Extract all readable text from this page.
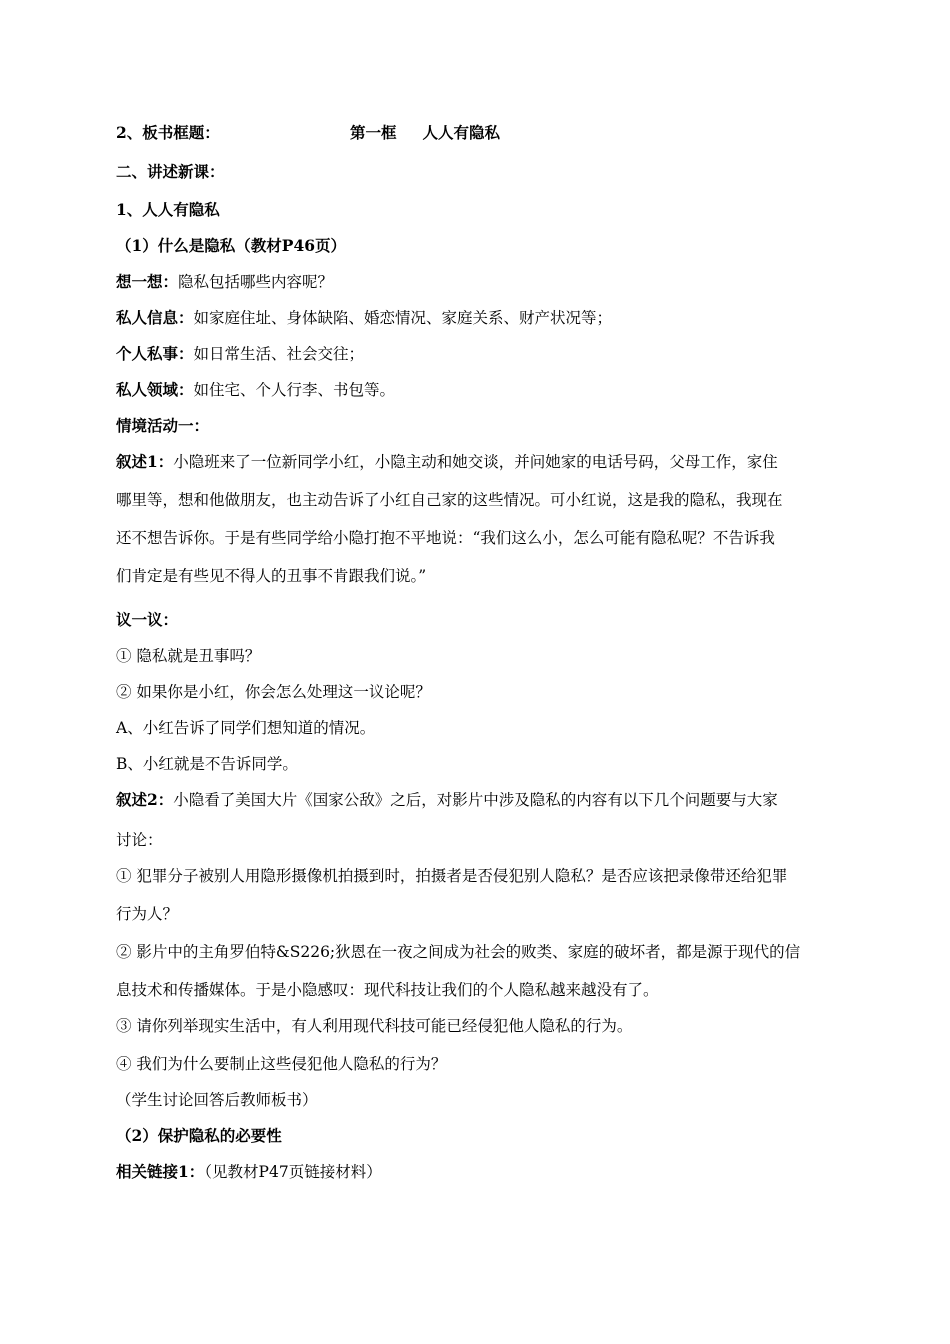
2、板书框题：	第一框 人人有隐私
二、讲述新课：
1、人人有隐私
（1）什么是隐私（教材P46页）
想一想：隐私包括哪些内容呢？
私人信息：如家庭住址、身体缺陷、婚恋情况、家庭关系、财产状况等；
个人私事：如日常生活、社会交往；
私人领域：如住宅、个人行李、书包等。
情境活动一：
叙述1：小隐班来了一位新同学小红，小隐主动和她交谈，并问她家的电话号码，父母工作，家住
哪里等，想和他做朋友，也主动告诉了小红自己家的这些情况。可小红说，这是我的隐私，我现在
还不想告诉你。于是有些同学给小隐打抱不平地说：“我们这么小，怎么可能有隐私呢？不告诉我
们肯定是有些见不得人的丑事不肯跟我们说。”
议一议：
① 隐私就是丑事吗？
② 如果你是小红，你会怎么处理这一议论呢？
A、小红告诉了同学们想知道的情况。
B、小红就是不告诉同学。
叙述2：小隐看了美国大片《国家公敌》之后，对影片中涉及隐私的内容有以下几个问题要与大家
讨论：
① 犯罪分子被别人用隐形摄像机拍摄到时，拍摄者是否侵犯别人隐私？是否应该把录像带还给犯罪
行为人？
② 影片中的主角罗伯特&S226;狄恩在一夜之间成为社会的败类、家庭的破坏者，都是源于现代的信
息技术和传播媒体。于是小隐感叹：现代科技让我们的个人隐私越来越没有了。
③ 请你列举现实生活中，有人利用现代科技可能已经侵犯他人隐私的行为。
④ 我们为什么要制止这些侵犯他人隐私的行为？
（学生讨论回答后教师板书）
（2）保护隐私的必要性
相关链接1：（见教材P47页链接材料）
